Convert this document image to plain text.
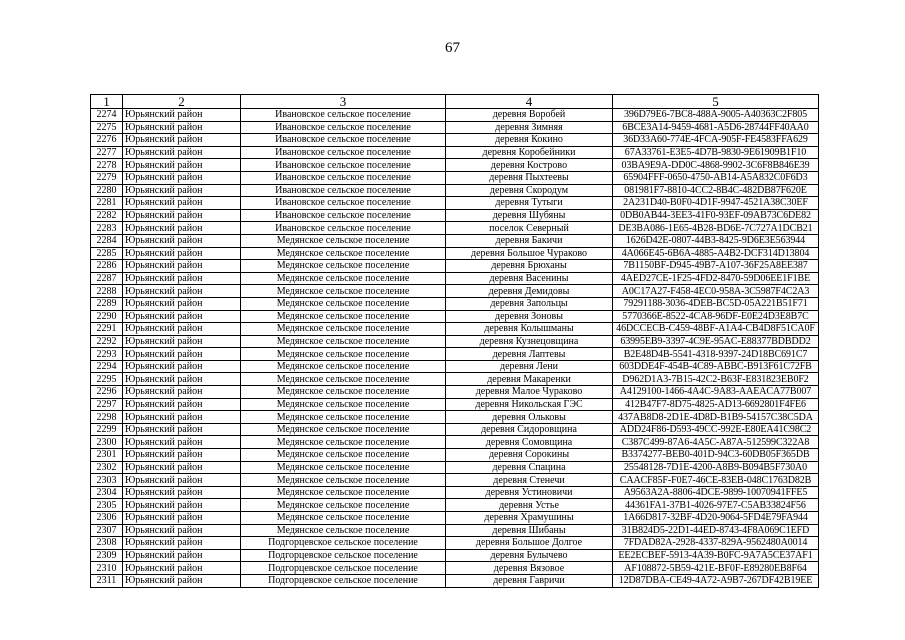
67
1	2	3	4	5
2274	Юрьянский район	Ивановское сельское поселение	деревня Воробей	396D79E6-7BC8-488A-9005-A40363C2F805
2275	Юрьянский район	Ивановское сельское поселение	деревня Зимняя	6BCE3A14-9459-4681-A5D6-28744FF40AA0
2276	Юрьянский район	Ивановское сельское поселение	деревня Кокино	36D33A60-774E-4FCA-905F-FE4583FFA629
2277	Юрьянский район	Ивановское сельское поселение	деревня Коробейники	67A33761-E3E5-4D7B-9830-9E61909B1F10
2278	Юрьянский район	Ивановское сельское поселение	деревня Кострово	03BA9E9A-DD0C-4868-9902-3C6F8B846E39
2279	Юрьянский район	Ивановское сельское поселение	деревня Пыхтеевы	65904FFF-0650-4750-AB14-A5A832C0F6D3
2280	Юрьянский район	Ивановское сельское поселение	деревня Скородум	081981F7-8810-4CC2-8B4C-482DB87F620E
2281	Юрьянский район	Ивановское сельское поселение	деревня Тутыги	2A231D40-B0F0-4D1F-9947-4521A38C30EF
2282	Юрьянский район	Ивановское сельское поселение	деревня Шубяны	0DB0AB44-3EE3-41F0-93EF-09AB73C6DE82
2283	Юрьянский район	Ивановское сельское поселение	поселок Северный	DE3BA086-1E65-4B28-BD6E-7C727A1DCB21
2284	Юрьянский район	Медянское сельское поселение	деревня Бакичи	1626D42E-0807-44B3-8425-9D6E3E563944
2285	Юрьянский район	Медянское сельское поселение	деревня Большое Чураково	4A066E45-6B6A-4885-A4B2-DCF314D13804
2286	Юрьянский район	Медянское сельское поселение	деревня Брюханы	7B1150BF-D945-49B7-A107-36F25A8EE387
2287	Юрьянский район	Медянское сельское поселение	деревня Васенины	4AED27CE-1F25-4FD2-8470-59D06EE1F1BE
2288	Юрьянский район	Медянское сельское поселение	деревня Демидовы	A0C17A27-F458-4EC0-958A-3C5987F4C2A3
2289	Юрьянский район	Медянское сельское поселение	деревня Запольцы	79291188-3036-4DEB-BC5D-05A221B51F71
2290	Юрьянский район	Медянское сельское поселение	деревня Зоновы	5770366E-8522-4CA8-96DF-E0E24D3E8B7C
2291	Юрьянский район	Медянское сельское поселение	деревня Колышманы	46DCCECB-C459-48BF-A1A4-CB4D8F51CA0F
2292	Юрьянский район	Медянское сельское поселение	деревня Кузнецовщина	63995EB9-3397-4C9E-95AC-E88377BDBDD2
2293	Юрьянский район	Медянское сельское поселение	деревня Лаптевы	B2E48D4B-5541-4318-9397-24D18BC691C7
2294	Юрьянский район	Медянское сельское поселение	деревня Лени	603DDE4F-454B-4C89-ABBC-B913F61C72FB
2295	Юрьянский район	Медянское сельское поселение	деревня Макаренки	D962D1A3-7B15-42C2-B63F-E831823EB0F2
2296	Юрьянский район	Медянское сельское поселение	деревня Малое Чураково	A4129100-1466-4A4C-9A83-AAEACA77B007
2297	Юрьянский район	Медянское сельское поселение	деревня Никольская ГЭС	412B47F7-8D75-4825-AD13-6692801F4FE6
2298	Юрьянский район	Медянское сельское поселение	деревня Ольковы	437AB8D8-2D1E-4D8D-B1B9-54157C38C5DA
2299	Юрьянский район	Медянское сельское поселение	деревня Сидоровщина	ADD24F86-D593-49CC-992E-E80EA41C98C2
2300	Юрьянский район	Медянское сельское поселение	деревня Сомовщина	C387C499-87A6-4A5C-A87A-512599C322A8
2301	Юрьянский район	Медянское сельское поселение	деревня Сорокины	B3374277-BEB0-401D-94C3-60DB05F365DB
2302	Юрьянский район	Медянское сельское поселение	деревня Спацина	25548128-7D1E-4200-A8B9-B094B5F730A0
2303	Юрьянский район	Медянское сельское поселение	деревня Стенечи	CAACF85F-F0E7-46CE-83EB-048C1763D82B
2304	Юрьянский район	Медянское сельское поселение	деревня Устиновичи	A9563A2A-8806-4DCE-9899-10070941FFE5
2305	Юрьянский район	Медянское сельское поселение	деревня Устье	44361FA1-37B1-4026-97E7-C5AB33824F56
2306	Юрьянский район	Медянское сельское поселение	деревня Храмушины	1A66D817-32BF-4D20-9064-5FD4E79FA944
2307	Юрьянский район	Медянское сельское поселение	деревня Шибаны	31B824D5-22D1-44ED-8743-4F8A069C1EFD
2308	Юрьянский район	Подгорцевское сельское поселение	деревня Большое Долгое	7FDAD82A-2928-4337-829A-9562480A0014
2309	Юрьянский район	Подгорцевское сельское поселение	деревня Булычево	EE2ECBEF-5913-4A39-B0FC-9A7A5CE37AF1
2310	Юрьянский район	Подгорцевское сельское поселение	деревня Вязовое	AF108872-5B59-421E-BF0F-E89280EB8F64
2311	Юрьянский район	Подгорцевское сельское поселение	деревня Гавричи	12D87DBA-CE49-4A72-A9B7-267DF42B19EE
